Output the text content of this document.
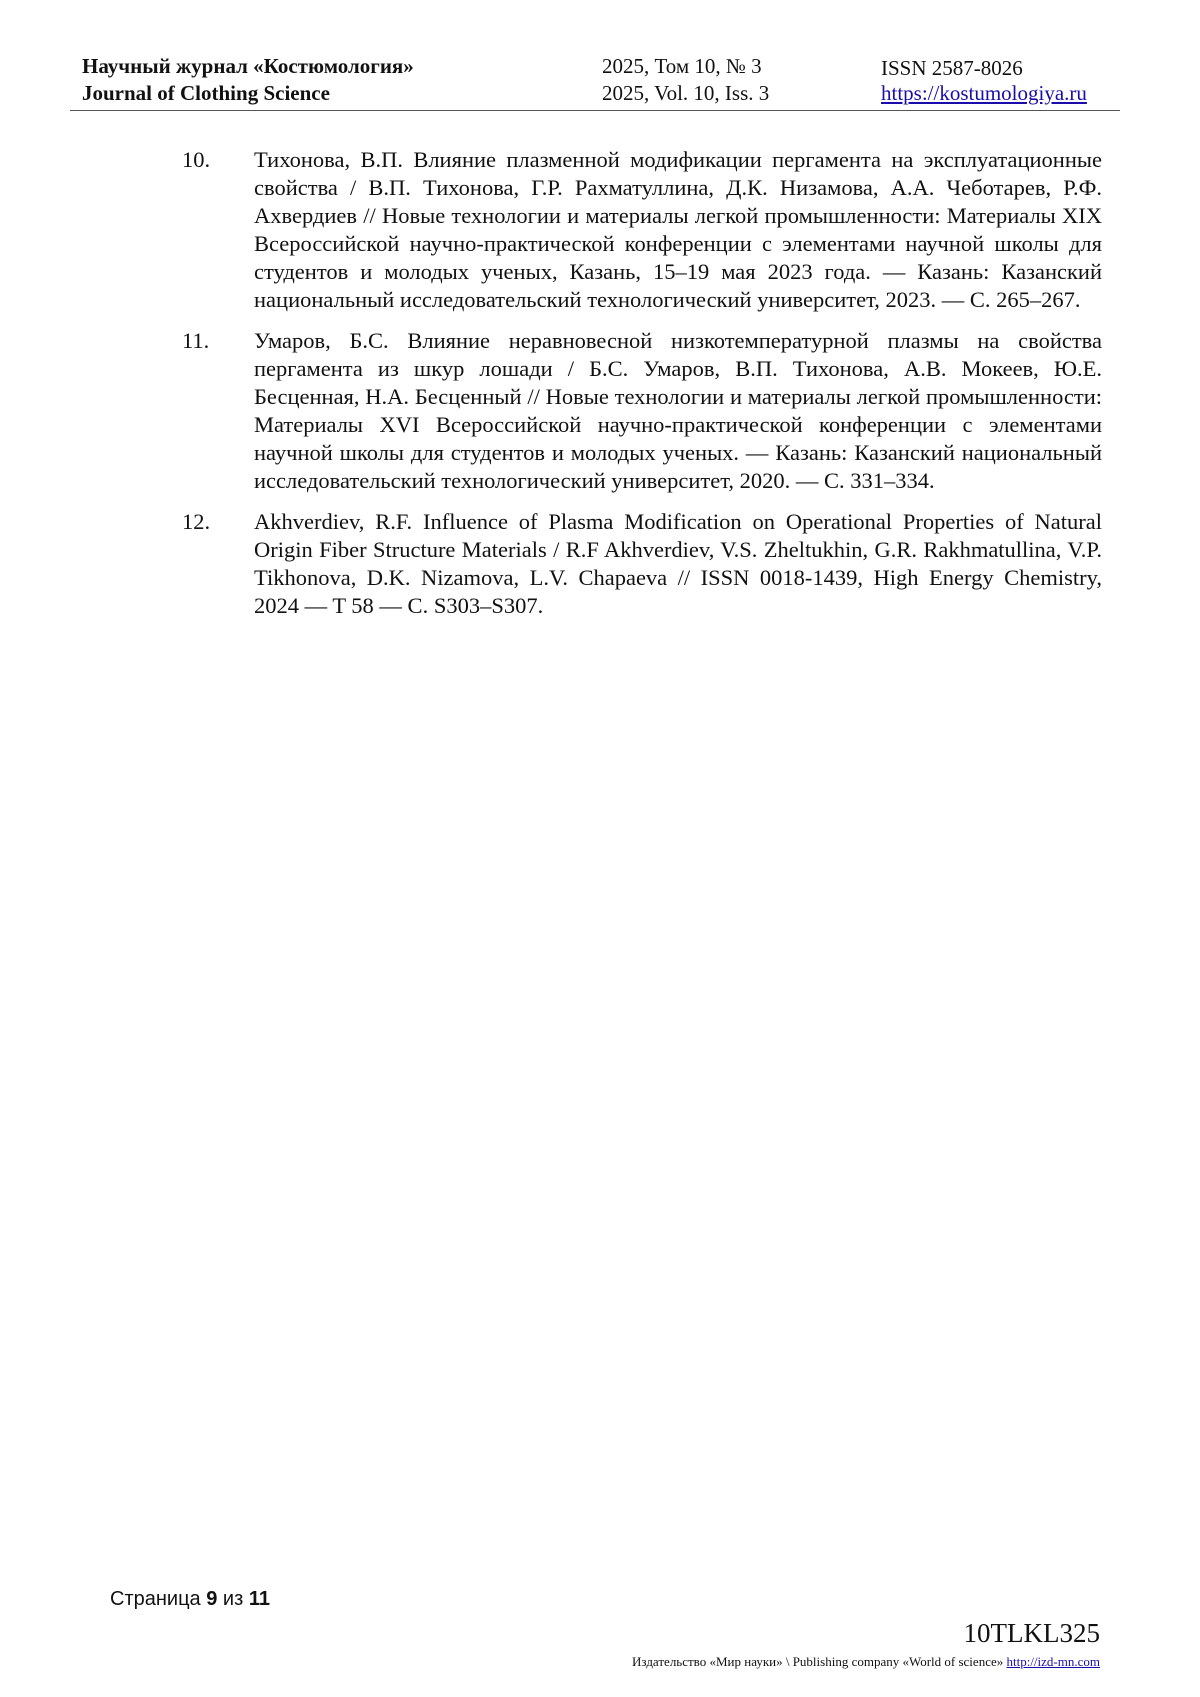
Научный журнал «Костюмология»
Journal of Clothing Science
2025, Том 10, № 3
2025, Vol. 10, Iss. 3
ISSN 2587-8026
https://kostumologiya.ru
10.	Тихонова, В.П. Влияние плазменной модификации пергамента на эксплуатационные свойства / В.П. Тихонова, Г.Р. Рахматуллина, Д.К. Низамова, А.А. Чеботарев, Р.Ф. Ахвердиев // Новые технологии и материалы легкой промышленности: Материалы XIX Всероссийской научно-практической конференции с элементами научной школы для студентов и молодых ученых, Казань, 15–19 мая 2023 года. — Казань: Казанский национальный исследовательский технологический университет, 2023. — С. 265–267.
11.	Умаров, Б.С. Влияние неравновесной низкотемпературной плазмы на свойства пергамента из шкур лошади / Б.С. Умаров, В.П. Тихонова, А.В. Мокеев, Ю.Е. Бесценная, Н.А. Бесценный // Новые технологии и материалы легкой промышленности: Материалы XVI Всероссийской научно-практической конференции с элементами научной школы для студентов и молодых ученых. — Казань: Казанский национальный исследовательский технологический университет, 2020. — С. 331–334.
12.	Akhverdiev, R.F. Influence of Plasma Modification on Operational Properties of Natural Origin Fiber Structure Materials / R.F Akhverdiev, V.S. Zheltukhin, G.R. Rakhmatullina, V.P. Tikhonova, D.K. Nizamova, L.V. Chapaeva // ISSN 0018-1439, High Energy Chemistry, 2024 — T 58 — C. S303–S307.
Страница 9 из 11
10TLKL325
Издательство «Мир науки» \ Publishing company «World of science» http://izd-mn.com
